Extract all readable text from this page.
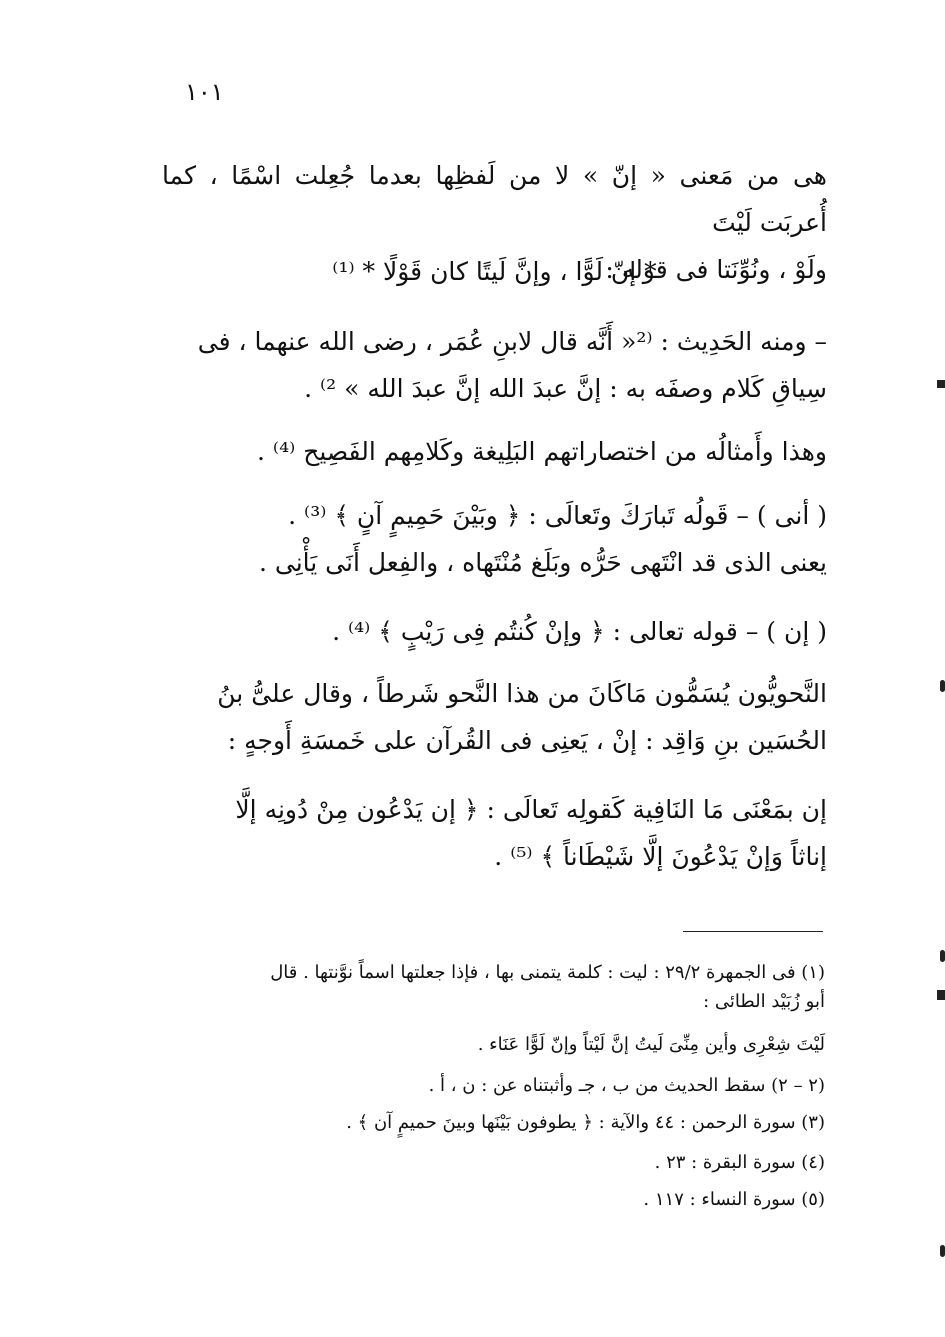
١٠١
هى من مَعنى « إنّ » لا من لَفظِها بعدما جُعِلت اسْمًا ، كما أُعربَت لَيْتَ
ولَوْ ، ونُوِّنَتا فى قوله :
* إنّ لَوًّا ، وإنَّ لَيتًا كان قَوْلًا * ⁽¹⁾
– ومنه الحَدِيث : ⁽²« أَنَّه قال لابنِ عُمَر ، رضى الله عنهما ، فى
سِياقِ كَلام وصفَه به : إنَّ عبدَ الله إنَّ عبدَ الله » ²⁾ .
وهذا وأَمثالُه من اختصاراتهم البَلِيغة وكَلامِهم الفَصِيح ⁽⁴⁾ .
( أنى ) – قَولُه تَبارَكَ وتَعالَى : ﴿ وبَيْنَ حَمِيمٍ آنٍ ﴾ ⁽³⁾ .
يعنى الذى قد انْتَهى حَرُّه وبَلَغ مُنْتَهاه ، والفِعل أَنَى يَأْنِى .
( إن ) – قوله تعالى : ﴿ وإنْ كُنتُم فِى رَيْبٍ ﴾ ⁽⁴⁾ .
النَّحويُّون يُسَمُّون مَاكَانَ من هذا النَّحو شَرطاً ، وقال علىُّ بنُ
الحُسَين بنِ وَاقِد : إنْ ، يَعنِى فى القُرآن على خَمسَةِ أَوجهٍ :
إن بمَعْنَى مَا النَافِية كَقولِه تَعالَى : ﴿ إن يَدْعُون مِنْ دُونِه إلَّا
إناثاً وَإنْ يَدْعُونَ إلَّا شَيْطَاناً ﴾ ⁽⁵⁾ .
(١) فى الجمهرة ٢٩/٢ : ليت : كلمة يتمنى بها ، فإذا جعلتها اسماً نوَّنتها . قال
أبو زُبَيْد الطائى :
لَيْتَ شِعْرِى وأين مِنِّىَ لَيتُ إنَّ لَيْتاً وإنّ لَوًّا عَنَاء .
(٢ – ٢) سقط الحديث من ب ، جـ وأثبتناه عن : ن ، أ .
(٣) سورة الرحمن : ٤٤ والآية : ﴿ يطوفون بَيْنَها وبينَ حميمٍ آن ﴾ .
(٤) سورة البقرة : ٢٣ .
(٥) سورة النساء : ١١٧ .
